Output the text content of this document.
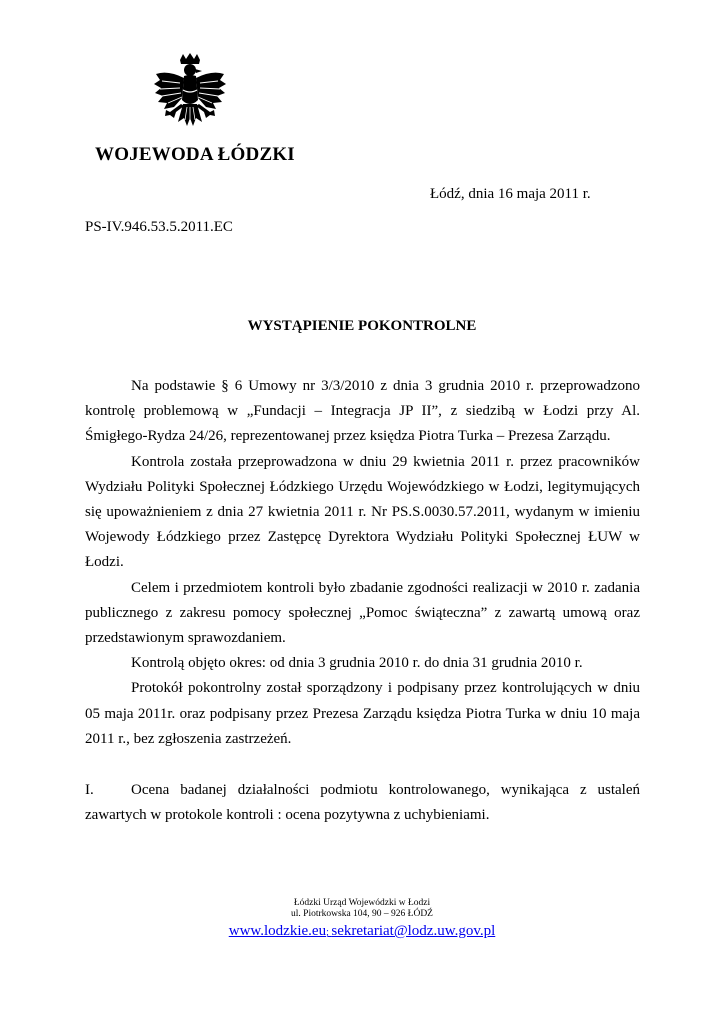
WOJEWODA ŁÓDZKI
Łódź, dnia 16 maja 2011 r.
PS-IV.946.53.5.2011.EC
WYSTĄPIENIE POKONTROLNE

Na podstawie § 6 Umowy nr 3/3/2010 z dnia 3 grudnia 2010 r. przeprowadzono kontrolę problemową w „Fundacji – Integracja JP II”, z siedzibą w Łodzi przy Al. Śmigłego-Rydza 24/26, reprezentowanej przez księdza Piotra Turka – Prezesa Zarządu.

Kontrola została przeprowadzona w dniu 29 kwietnia 2011 r. przez pracowników Wydziału Polityki Społecznej Łódzkiego Urzędu Wojewódzkiego w Łodzi, legitymujących się upoważnieniem z dnia 27 kwietnia 2011 r. Nr PS.S.0030.57.2011, wydanym w imieniu Wojewody Łódzkiego przez Zastępcę Dyrektora Wydziału Polityki Społecznej ŁUW w Łodzi.

Celem i przedmiotem kontroli było zbadanie zgodności realizacji w 2010 r. zadania publicznego z zakresu pomocy społecznej „Pomoc świąteczna” z zawartą umową oraz przedstawionym sprawozdaniem.

Kontrolą objęto okres: od dnia 3 grudnia 2010 r. do dnia 31 grudnia 2010 r.

Protokół pokontrolny został sporządzony i podpisany przez kontrolujących w dniu 05 maja 2011r. oraz podpisany przez Prezesa Zarządu księdza Piotra Turka w dniu 10 maja 2011 r., bez zgłoszenia zastrzeżeń.

I. Ocena badanej działalności podmiotu kontrolowanego, wynikająca z ustaleń zawartych w protokole kontroli : ocena pozytywna z uchybieniami.
Łódzki Urząd Wojewódzki w Łodzi
ul. Piotrkowska 104, 90 – 926 ŁÓDŹ
www.lodzkie.eu; sekretariat@lodz.uw.gov.pl
